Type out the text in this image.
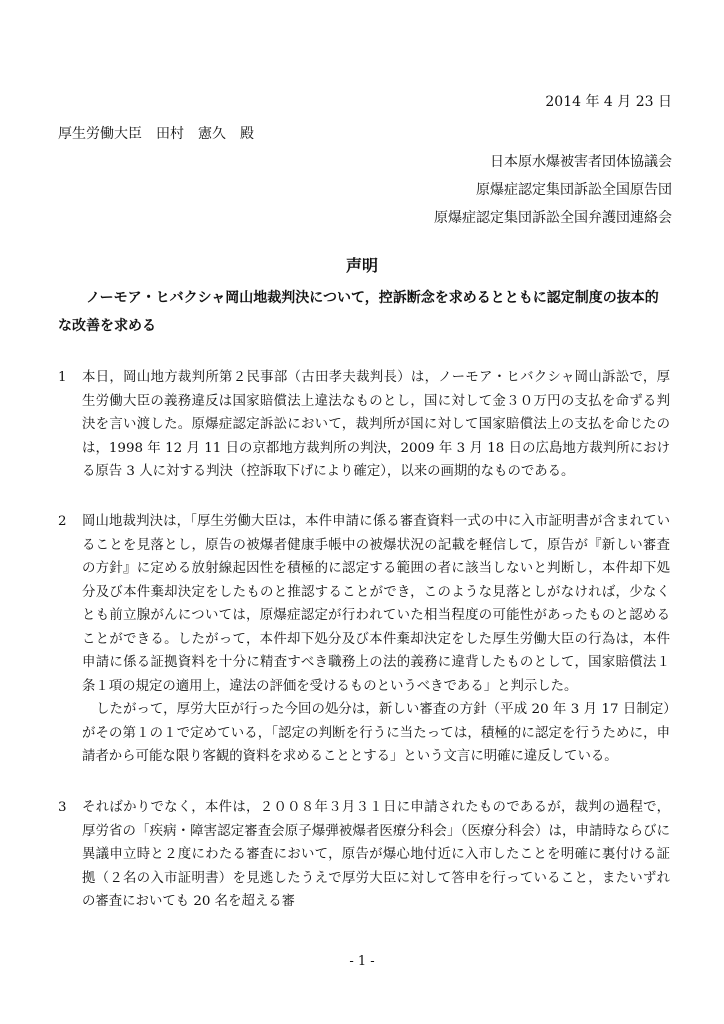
2014 年 4 月 23 日
厚生労働大臣　田村　憲久　殿
日本原水爆被害者団体協議会
原爆症認定集団訴訟全国原告団
原爆症認定集団訴訟全国弁護団連絡会
声明
ノーモア・ヒバクシャ岡山地裁判決について，控訴断念を求めるとともに認定制度の抜本的な改善を求める
1 本日，岡山地方裁判所第２民事部（古田孝夫裁判長）は，ノーモア・ヒバクシャ岡山訴訟で，厚生労働大臣の義務違反は国家賠償法上違法なものとし，国に対して金３０万円の支払を命ずる判決を言い渡した。原爆症認定訴訟において，裁判所が国に対して国家賠償法上の支払を命じたのは，1998 年 12 月 11 日の京都地方裁判所の判決，2009 年 3 月 18 日の広島地方裁判所における原告 3 人に対する判決（控訴取下げにより確定），以来の画期的なものである。
2 岡山地裁判決は，「厚生労働大臣は，本件申請に係る審査資料一式の中に入市証明書が含まれていることを見落とし，原告の被爆者健康手帳中の被爆状況の記載を軽信して，原告が『新しい審査の方針』に定める放射線起因性を積極的に認定する範囲の者に該当しないと判断し，本件却下処分及び本件棄却決定をしたものと推認することができ，このような見落としがなければ，少なくとも前立腺がんについては，原爆症認定が行われていた相当程度の可能性があったものと認めることができる。したがって，本件却下処分及び本件棄却決定をした厚生労働大臣の行為は，本件申請に係る証拠資料を十分に精査すべき職務上の法的義務に違背したものとして，国家賠償法１条１項の規定の適用上，違法の評価を受けるものというべきである」と判示した。
したがって，厚労大臣が行った今回の処分は，新しい審査の方針（平成 20 年 3 月 17 日制定）がその第１の１で定めている，「認定の判断を行うに当たっては，積極的に認定を行うために，申請者から可能な限り客観的資料を求めることとする」という文言に明確に違反している。
3 そればかりでなく，本件は，２００８年３月３１日に申請されたものであるが，裁判の過程で，厚労省の「疾病・障害認定審査会原子爆弾被爆者医療分科会」（医療分科会）は，申請時ならびに異議申立時と２度にわたる審査において，原告が爆心地付近に入市したことを明確に裏付ける証拠（２名の入市証明書）を見逃したうえで厚労大臣に対して答申を行っていること，またいずれの審査においても 20 名を超える審
- 1 -
